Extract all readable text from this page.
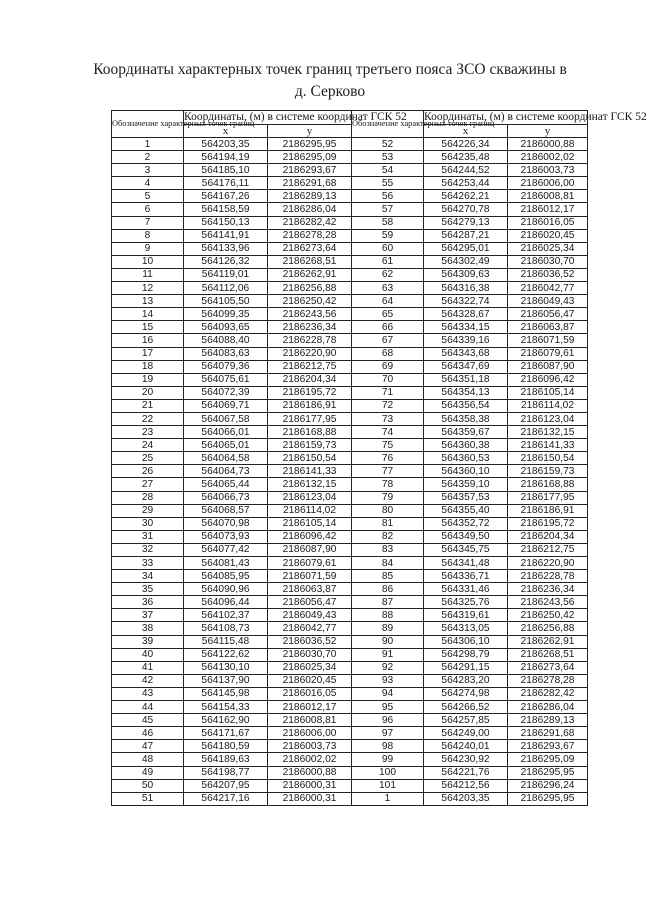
Координаты характерных точек границ третьего пояса ЗСО скважины в
д. Серково
Обозначение характерных точек границ	Координаты, (м) в системе координат ГСК 52		Обозначение характерных точек границ	Координаты, (м) в системе координат ГСК 52	
	x	y		x	y
1	564203,35	2186295,95	52	564226,34	2186000,88
2	564194,19	2186295,09	53	564235,48	2186002,02
3	564185,10	2186293,67	54	564244,52	2186003,73
4	564176,11	2186291,68	55	564253,44	2186006,00
5	564167,26	2186289,13	56	564262,21	2186008,81
6	564158,59	2186286,04	57	564270,78	2186012,17
7	564150,13	2186282,42	58	564279,13	2186016,05
8	564141,91	2186278,28	59	564287,21	2186020,45
9	564133,96	2186273,64	60	564295,01	2186025,34
10	564126,32	2186268,51	61	564302,49	2186030,70
11	564119,01	2186262,91	62	564309,63	2186036,52
12	564112,06	2186256,88	63	564316,38	2186042,77
13	564105,50	2186250,42	64	564322,74	2186049,43
14	564099,35	2186243,56	65	564328,67	2186056,47
15	564093,65	2186236,34	66	564334,15	2186063,87
16	564088,40	2186228,78	67	564339,16	2186071,59
17	564083,63	2186220,90	68	564343,68	2186079,61
18	564079,36	2186212,75	69	564347,69	2186087,90
19	564075,61	2186204,34	70	564351,18	2186096,42
20	564072,39	2186195,72	71	564354,13	2186105,14
21	564069,71	2186186,91	72	564356,54	2186114,02
22	564067,58	2186177,95	73	564358,38	2186123,04
23	564066,01	2186168,88	74	564359,67	2186132,15
24	564065,01	2186159,73	75	564360,38	2186141,33
25	564064,58	2186150,54	76	564360,53	2186150,54
26	564064,73	2186141,33	77	564360,10	2186159,73
27	564065,44	2186132,15	78	564359,10	2186168,88
28	564066,73	2186123,04	79	564357,53	2186177,95
29	564068,57	2186114,02	80	564355,40	2186186,91
30	564070,98	2186105,14	81	564352,72	2186195,72
31	564073,93	2186096,42	82	564349,50	2186204,34
32	564077,42	2186087,90	83	564345,75	2186212,75
33	564081,43	2186079,61	84	564341,48	2186220,90
34	564085,95	2186071,59	85	564336,71	2186228,78
35	564090,96	2186063,87	86	564331,46	2186236,34
36	564096,44	2186056,47	87	564325,76	2186243,56
37	564102,37	2186049,43	88	564319,61	2186250,42
38	564108,73	2186042,77	89	564313,05	2186256,88
39	564115,48	2186036,52	90	564306,10	2186262,91
40	564122,62	2186030,70	91	564298,79	2186268,51
41	564130,10	2186025,34	92	564291,15	2186273,64
42	564137,90	2186020,45	93	564283,20	2186278,28
43	564145,98	2186016,05	94	564274,98	2186282,42
44	564154,33	2186012,17	95	564266,52	2186286,04
45	564162,90	2186008,81	96	564257,85	2186289,13
46	564171,67	2186006,00	97	564249,00	2186291,68
47	564180,59	2186003,73	98	564240,01	2186293,67
48	564189,63	2186002,02	99	564230,92	2186295,09
49	564198,77	2186000,88	100	564221,76	2186295,95
50	564207,95	2186000,31	101	564212,56	2186296,24
51	564217,16	2186000,31	1	564203,35	2186295,95
· · ·
